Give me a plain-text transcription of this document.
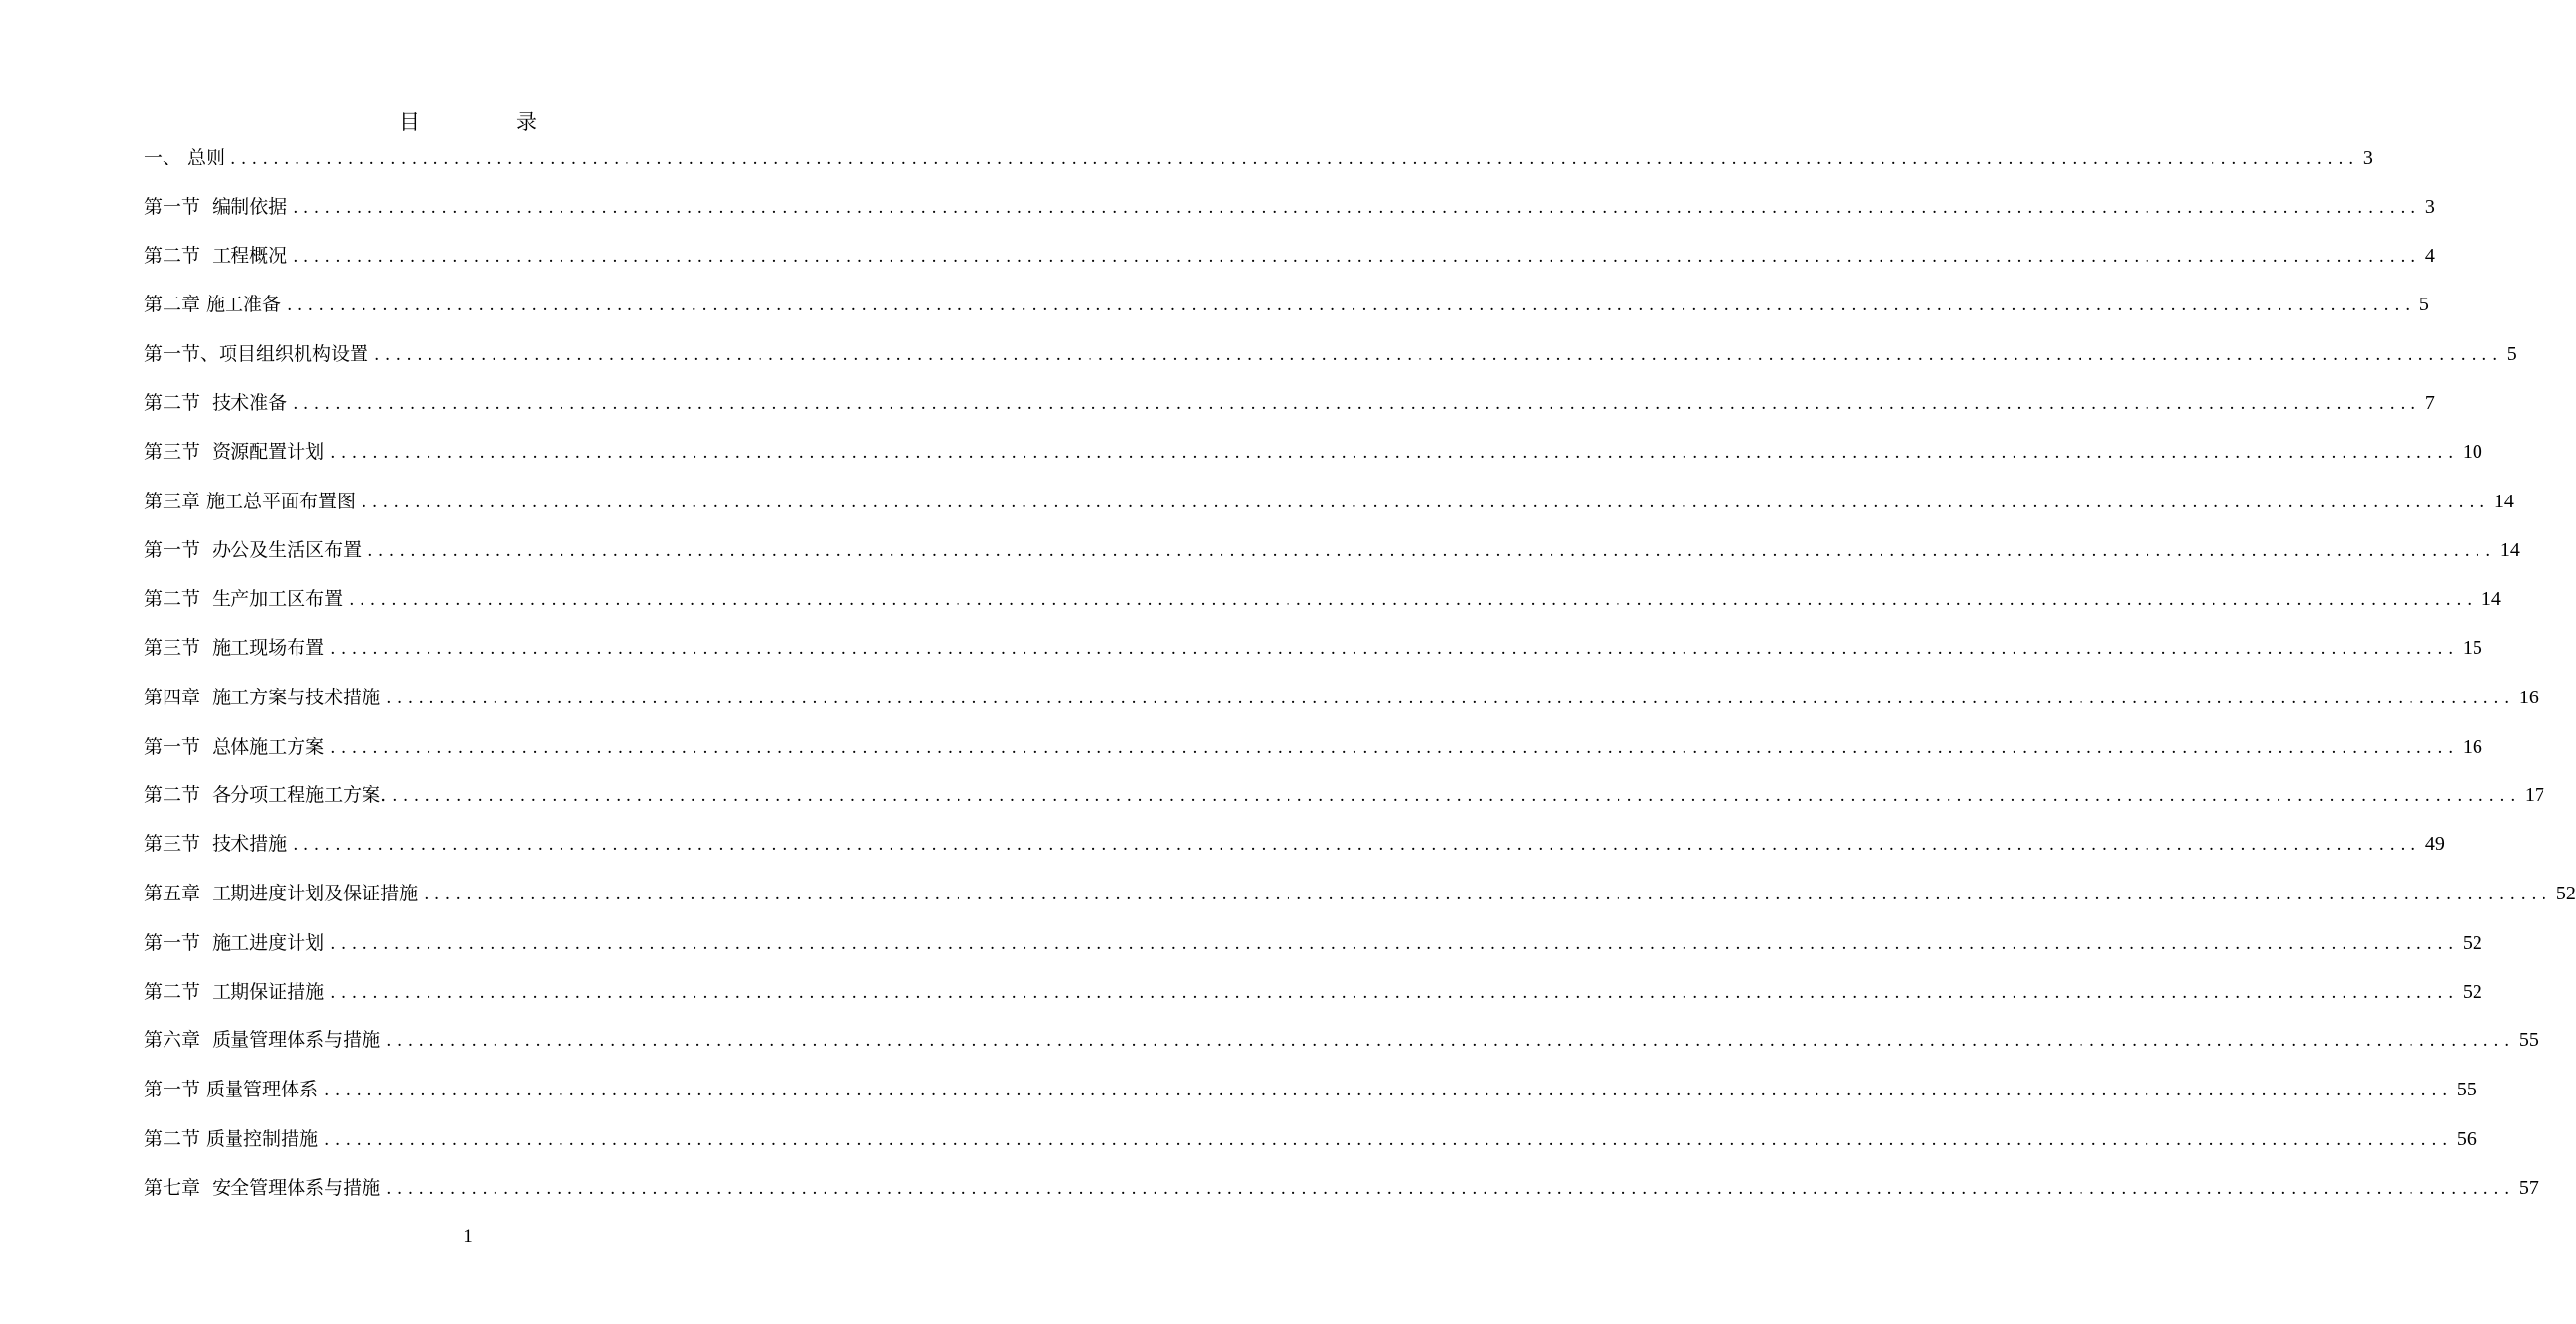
目	录
一、 总则 ........................................................................................................................................................................................................ 3
第一节  编制依据 ........................................................................................................................................................................................................ 3
第二节  工程概况 ........................................................................................................................................................................................................ 4
第二章 施工准备 ........................................................................................................................................................................................................ 5
第一节、项目组织机构设置 ........................................................................................................................................................................................................ 5
第二节  技术准备 ........................................................................................................................................................................................................ 7
第三节  资源配置计划 ........................................................................................................................................................................................................ 10
第三章 施工总平面布置图 ........................................................................................................................................................................................................ 14
第一节  办公及生活区布置 ........................................................................................................................................................................................................ 14
第二节  生产加工区布置 ........................................................................................................................................................................................................ 14
第三节  施工现场布置 ........................................................................................................................................................................................................ 15
第四章  施工方案与技术措施 ........................................................................................................................................................................................................ 16
第一节  总体施工方案 ........................................................................................................................................................................................................ 16
第二节  各分项工程施工方案. ........................................................................................................................................................................................................ 17
第三节  技术措施 ........................................................................................................................................................................................................ 49
第五章  工期进度计划及保证措施 ........................................................................................................................................................................................................ 52
第一节  施工进度计划 ........................................................................................................................................................................................................ 52
第二节  工期保证措施 ........................................................................................................................................................................................................ 52
第六章  质量管理体系与措施 ........................................................................................................................................................................................................ 55
第一节 质量管理体系 ........................................................................................................................................................................................................ 55
第二节 质量控制措施 ........................................................................................................................................................................................................ 56
第七章  安全管理体系与措施 ........................................................................................................................................................................................................ 57
1
